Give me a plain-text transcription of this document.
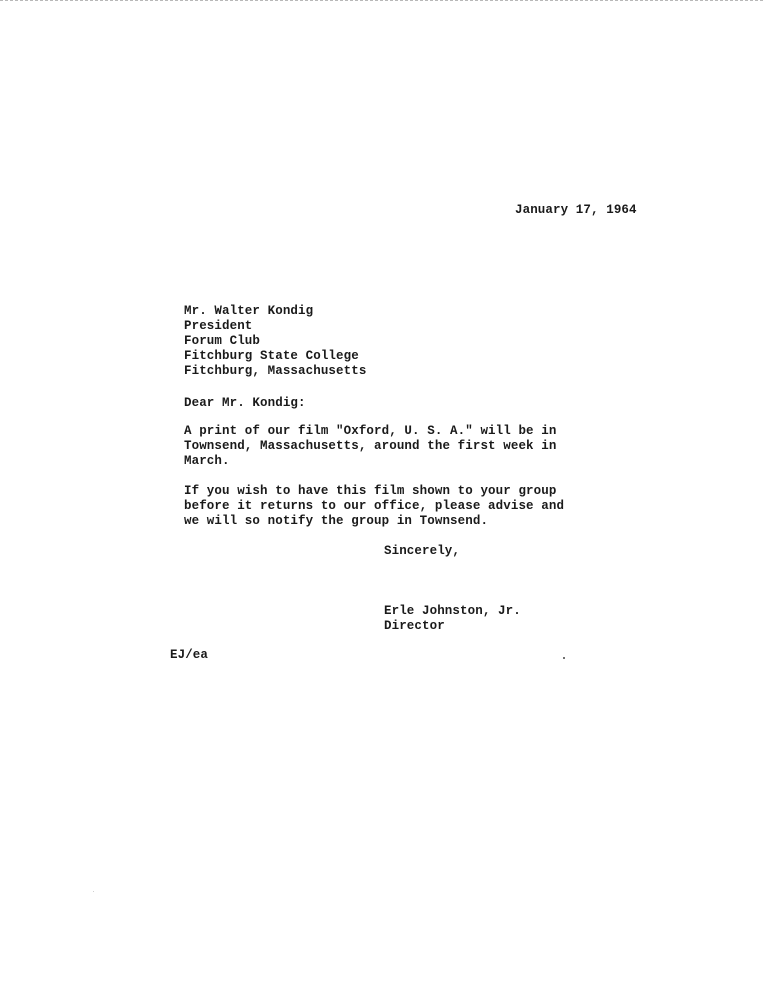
January 17, 1964
Mr. Walter Kondig
President
Forum Club
Fitchburg State College
Fitchburg, Massachusetts
Dear Mr. Kondig:
A print of our film "Oxford, U. S. A." will be in
Townsend, Massachusetts, around the first week in
March.
If you wish to have this film shown to your group
before it returns to our office, please advise and
we will so notify the group in Townsend.
Sincerely,
Erle Johnston, Jr.
Director
EJ/ea
